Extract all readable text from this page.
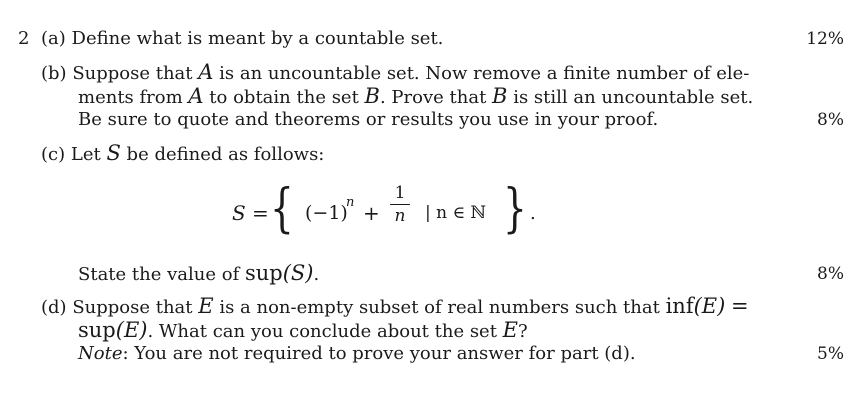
2 (a) Define what is meant by a countable set.	12%
(b) Suppose that A is an uncountable set. Now remove a finite number of ele-
ments from A to obtain the set B. Prove that B is still an uncountable set.
Be sure to quote and theorems or results you use in your proof.	8%
(c) Let S be defined as follows:
S = { (−1)
n +
1
n	| n ∈ ℕ } .
State the value of sup(S).	8%
(d) Suppose that E is a non-empty subset of real numbers such that inf(E) =
sup(E). What can you conclude about the set E?
Note: You are not required to prove your answer for part (d).	5%
